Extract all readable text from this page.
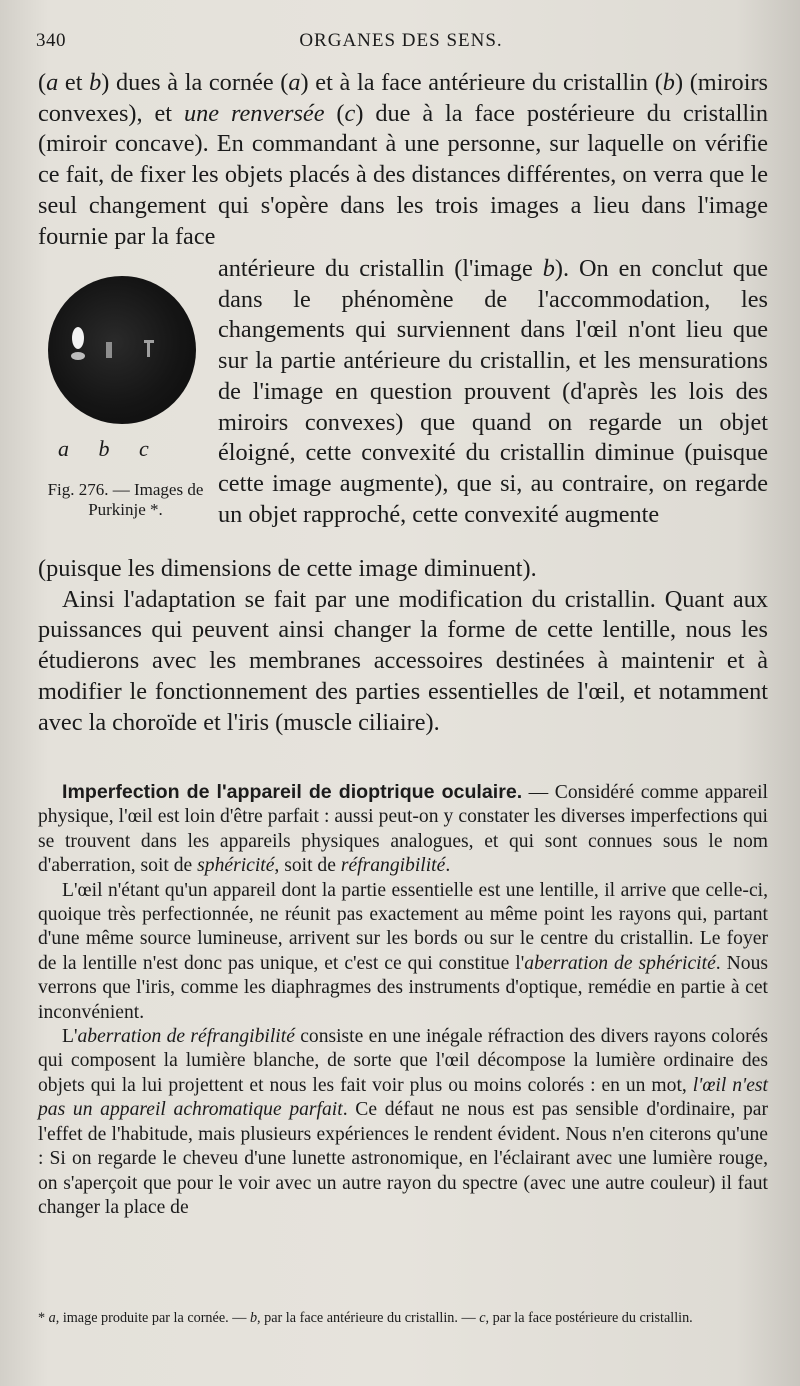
340	ORGANES DES SENS.

(a et b) dues à la cornée (a) et à la face antérieure du cristallin (b) (miroirs convexes), et une renversée (c) due à la face postérieure du cristallin (miroir concave). En commandant à une personne, sur laquelle on vérifie ce fait, de fixer les objets placés à des distances différentes, on verra que le seul changement qui s'opère dans les trois images a lieu dans l'image fournie par la face

a b c
Fig. 276. — Images de Purkinje *.

antérieure du cristallin (l'image b). On en conclut que dans le phénomène de l'accommodation, les changements qui surviennent dans l'œil n'ont lieu que sur la partie antérieure du cristallin, et les mensurations de l'image en question prouvent (d'après les lois des miroirs convexes) que quand on regarde un objet éloigné, cette convexité du cristallin diminue (puisque cette image augmente), que si, au contraire, on regarde un objet rapproché, cette convexité augmente

(puisque les dimensions de cette image diminuent).

Ainsi l'adaptation se fait par une modification du cristallin. Quant aux puissances qui peuvent ainsi changer la forme de cette lentille, nous les étudierons avec les membranes accessoires destinées à maintenir et à modifier le fonctionnement des parties essentielles de l'œil, et notamment avec la choroïde et l'iris (muscle ciliaire).

Imperfection de l'appareil de dioptrique oculaire. — Considéré comme appareil physique, l'œil est loin d'être parfait : aussi peut-on y constater les diverses imperfections qui se trouvent dans les appareils physiques analogues, et qui sont connues sous le nom d'aberration, soit de sphéricité, soit de réfrangibilité.

L'œil n'étant qu'un appareil dont la partie essentielle est une lentille, il arrive que celle-ci, quoique très perfectionnée, ne réunit pas exactement au même point les rayons qui, partant d'une même source lumineuse, arrivent sur les bords ou sur le centre du cristallin. Le foyer de la lentille n'est donc pas unique, et c'est ce qui constitue l'aberration de sphéricité. Nous verrons que l'iris, comme les diaphragmes des instruments d'optique, remédie en partie à cet inconvénient.

L'aberration de réfrangibilité consiste en une inégale réfraction des divers rayons colorés qui composent la lumière blanche, de sorte que l'œil décompose la lumière ordinaire des objets qui la lui projettent et nous les fait voir plus ou moins colorés : en un mot, l'œil n'est pas un appareil achromatique parfait. Ce défaut ne nous est pas sensible d'ordinaire, par l'effet de l'habitude, mais plusieurs expériences le rendent évident. Nous n'en citerons qu'une : Si on regarde le cheveu d'une lunette astronomique, en l'éclairant avec une lumière rouge, on s'aperçoit que pour le voir avec un autre rayon du spectre (avec une autre couleur) il faut changer la place de

* a, image produite par la cornée. — b, par la face antérieure du cristallin. — c, par la face postérieure du cristallin.
